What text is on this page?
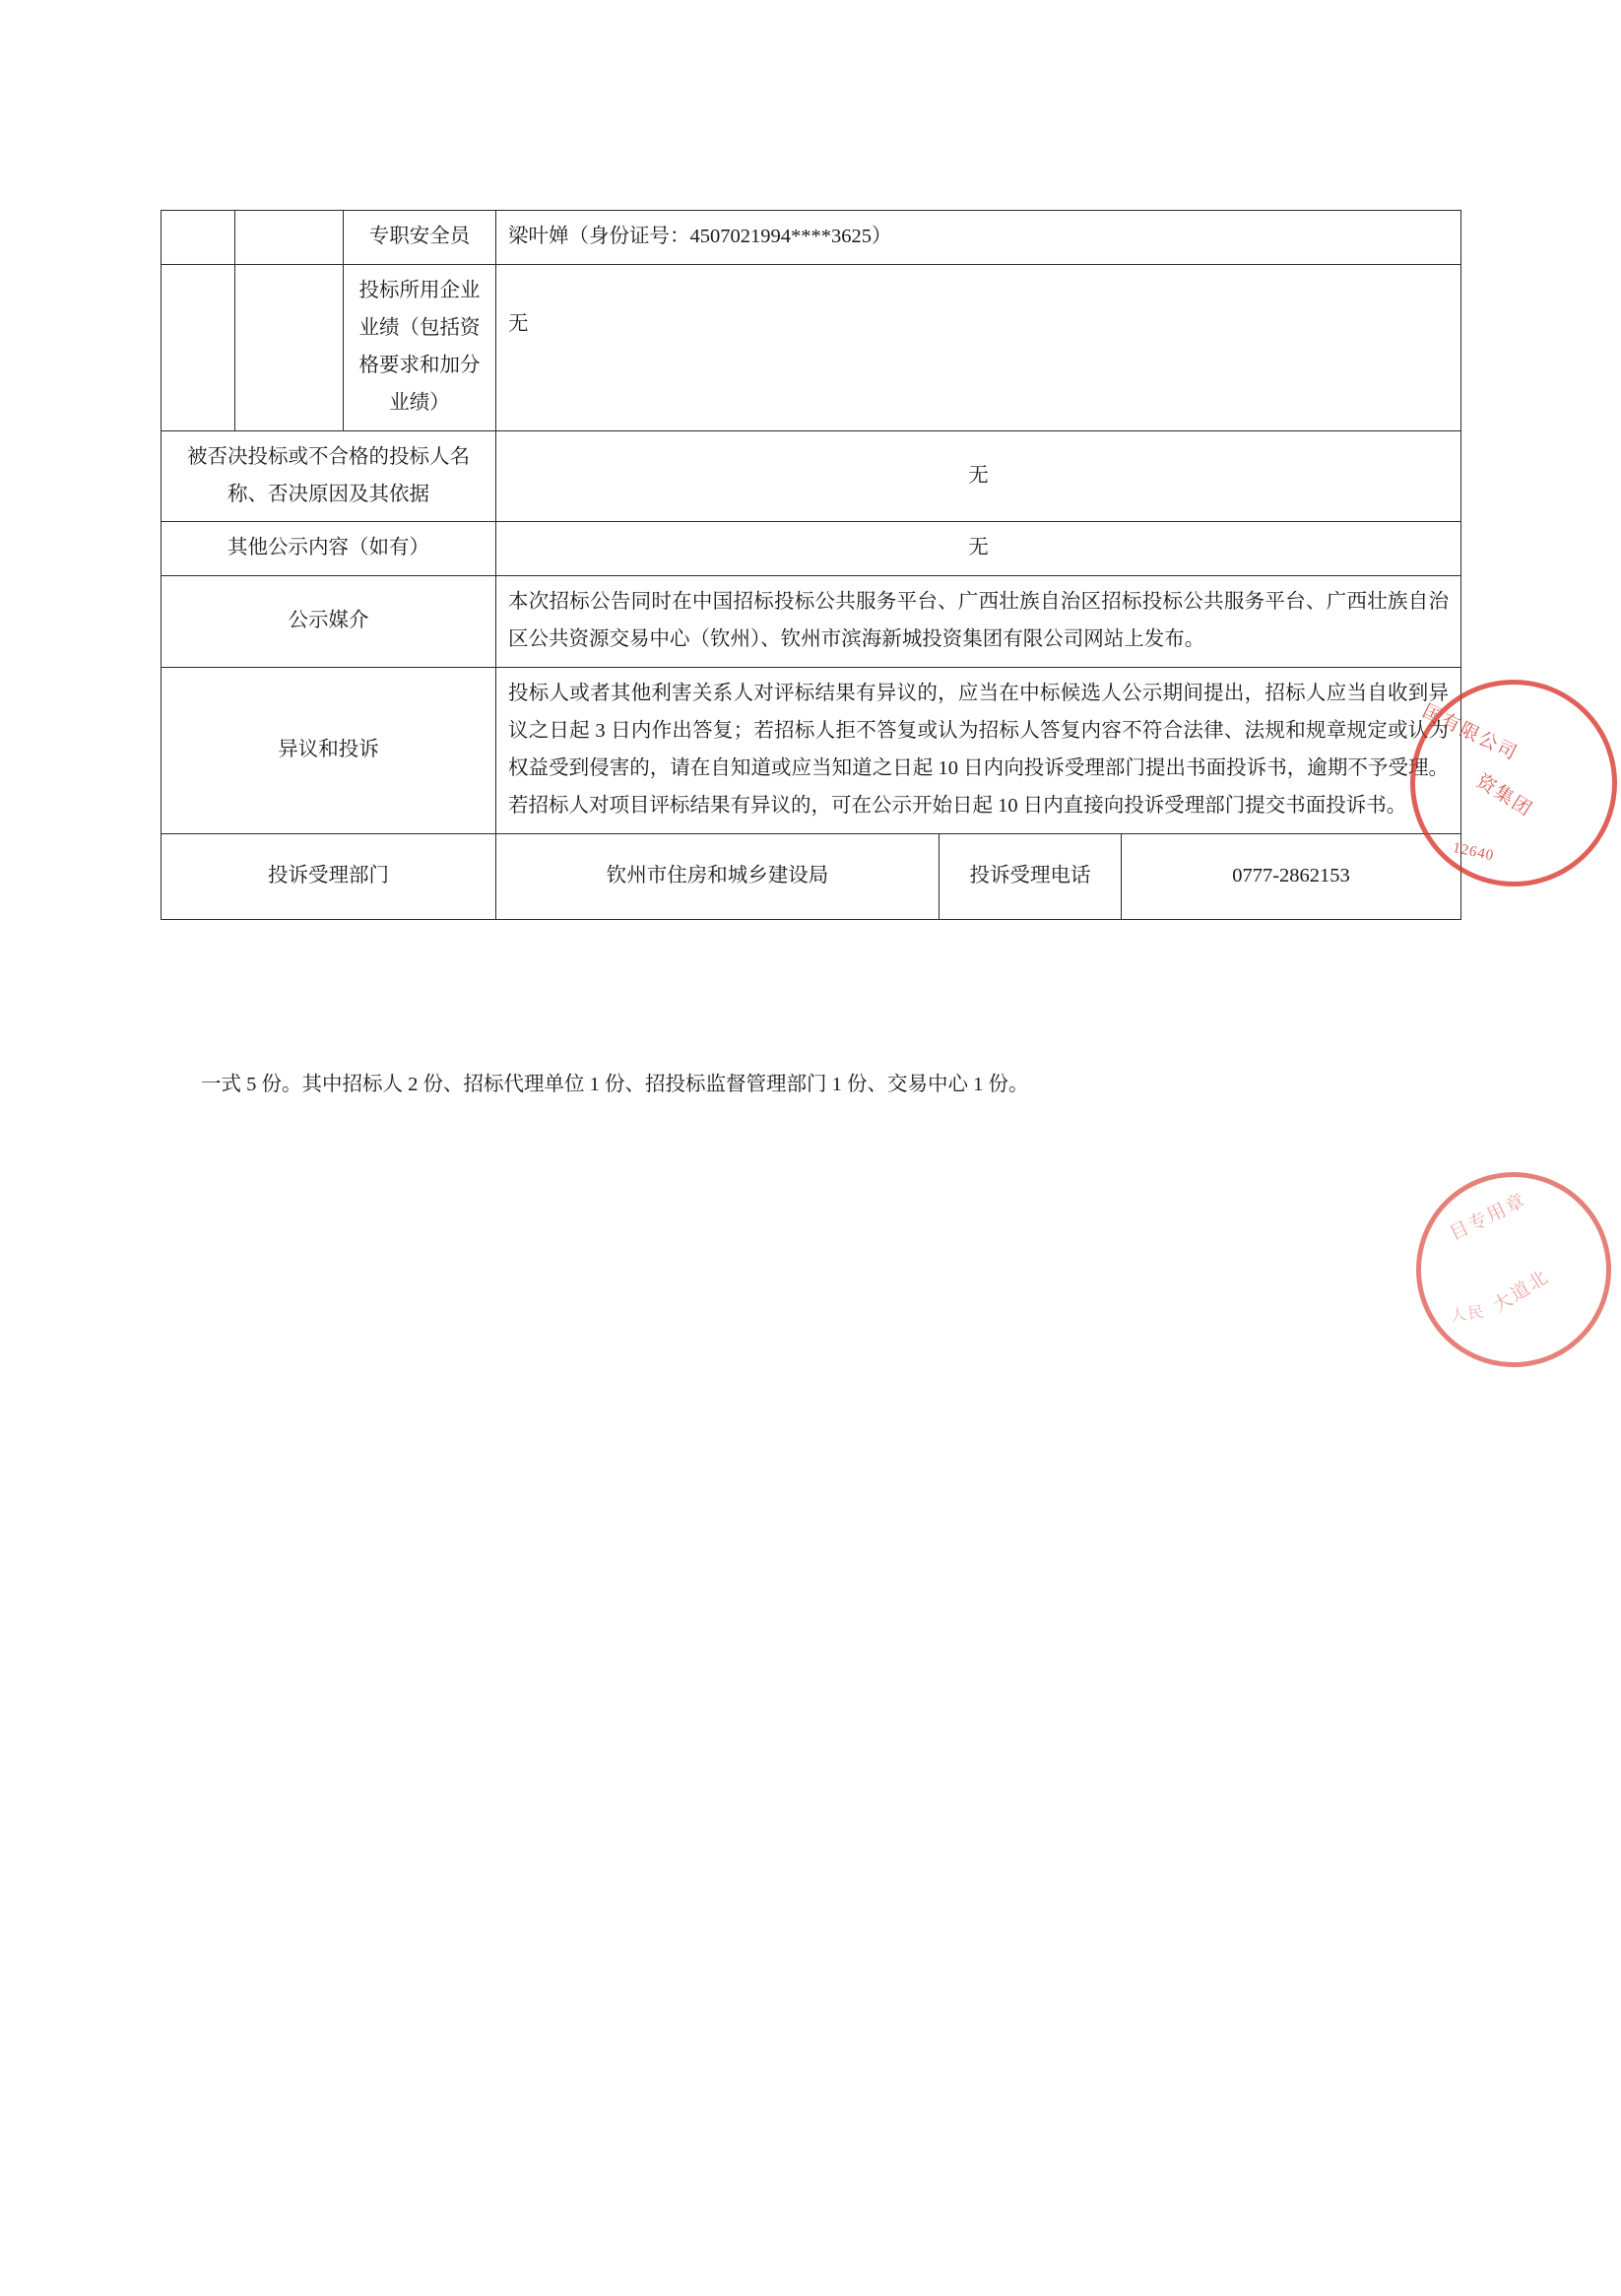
		专职安全员	梁叶婵（身份证号：4507021994****3625）		
		投标所用企业业绩（包括资格要求和加分业绩）	无		
被否决投标或不合格的投标人名称、否决原因及其依据			无		
其他公示内容（如有）			无		
公示媒介			本次招标公告同时在中国招标投标公共服务平台、广西壮族自治区招标投标公共服务平台、广西壮族自治区公共资源交易中心（钦州）、钦州市滨海新城投资集团有限公司网站上发布。		
异议和投诉			投标人或者其他利害关系人对评标结果有异议的，应当在中标候选人公示期间提出，招标人应当自收到异议之日起 3 日内作出答复；若招标人拒不答复或认为招标人答复内容不符合法律、法规和规章规定或认为权益受到侵害的，请在自知道或应当知道之日起 10 日内向投诉受理部门提出书面投诉书，逾期不予受理。若招标人对项目评标结果有异议的，可在公示开始日起 10 日内直接向投诉受理部门提交书面投诉书。		
投诉受理部门			钦州市住房和城乡建设局	投诉受理电话	0777-2862153
一式 5 份。其中招标人 2 份、招标代理单位 1 份、招投标监督管理部门 1 份、交易中心 1 份。
国有限公司
资集团
12640
目专用章
大道北
人民
